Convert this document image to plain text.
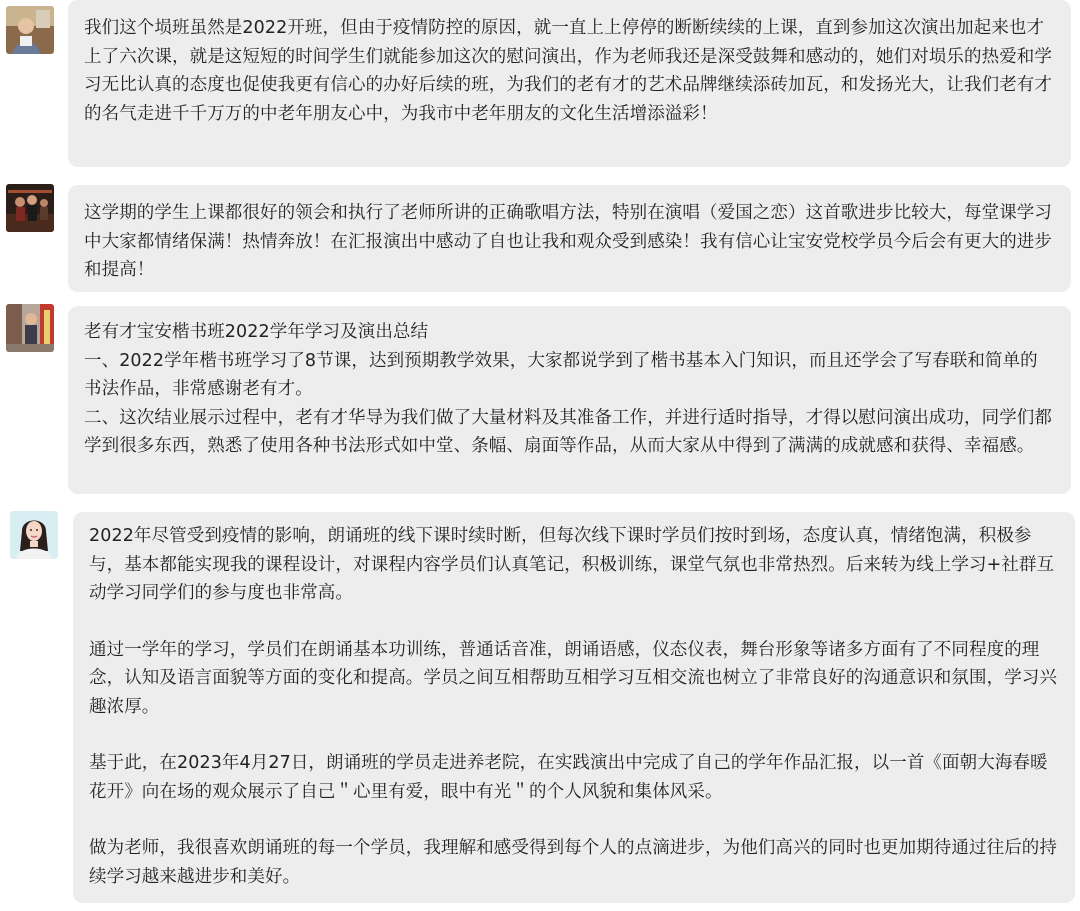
我们这个埙班虽然是2022开班，但由于疫情防控的原因，就一直上上停停的断断续续的上课，直到参加这次演出加起来也才上了六次课，就是这短短的时间学生们就能参加这次的慰问演出，作为老师我还是深受鼓舞和感动的，她们对埙乐的热爱和学习无比认真的态度也促使我更有信心的办好后续的班，为我们的老有才的艺术品牌继续添砖加瓦，和发扬光大，让我们老有才的名气走进千千万万的中老年朋友心中，为我市中老年朋友的文化生活增添溢彩！

这学期的学生上课都很好的领会和执行了老师所讲的正确歌唱方法，特别在演唱（爱国之恋）这首歌进步比较大，每堂课学习中大家都情绪保满！热情奔放！在汇报演出中感动了自也让我和观众受到感染！我有信心让宝安党校学员今后会有更大的进步和提高！

老有才宝安楷书班2022学年学习及演出总结

一、2022学年楷书班学习了8节课，达到预期教学效果，大家都说学到了楷书基本入门知识，而且还学会了写春联和简单的书法作品，非常感谢老有才。

二、这次结业展示过程中，老有才华导为我们做了大量材料及其准备工作，并进行适时指导，才得以慰问演出成功，同学们都学到很多东西，熟悉了使用各种书法形式如中堂、条幅、扇面等作品，从而大家从中得到了满满的成就感和获得、幸福感。

2022年尽管受到疫情的影响，朗诵班的线下课时续时断，但每次线下课时学员们按时到场，态度认真，情绪饱满，积极参与，基本都能实现我的课程设计，对课程内容学员们认真笔记，积极训练，课堂气氛也非常热烈。后来转为线上学习+社群互动学习同学们的参与度也非常高。

通过一学年的学习，学员们在朗诵基本功训练，普通话音准，朗诵语感，仪态仪表，舞台形象等诸多方面有了不同程度的理念，认知及语言面貌等方面的变化和提高。学员之间互相帮助互相学习互相交流也树立了非常良好的沟通意识和氛围，学习兴趣浓厚。

基于此，在2023年4月27日，朗诵班的学员走进养老院，在实践演出中完成了自己的学年作品汇报，以一首《面朝大海春暖花开》向在场的观众展示了自己＂心里有爱，眼中有光＂的个人风貌和集体风采。

做为老师，我很喜欢朗诵班的每一个学员，我理解和感受得到每个人的点滴进步，为他们高兴的同时也更加期待通过往后的持续学习越来越进步和美好。
